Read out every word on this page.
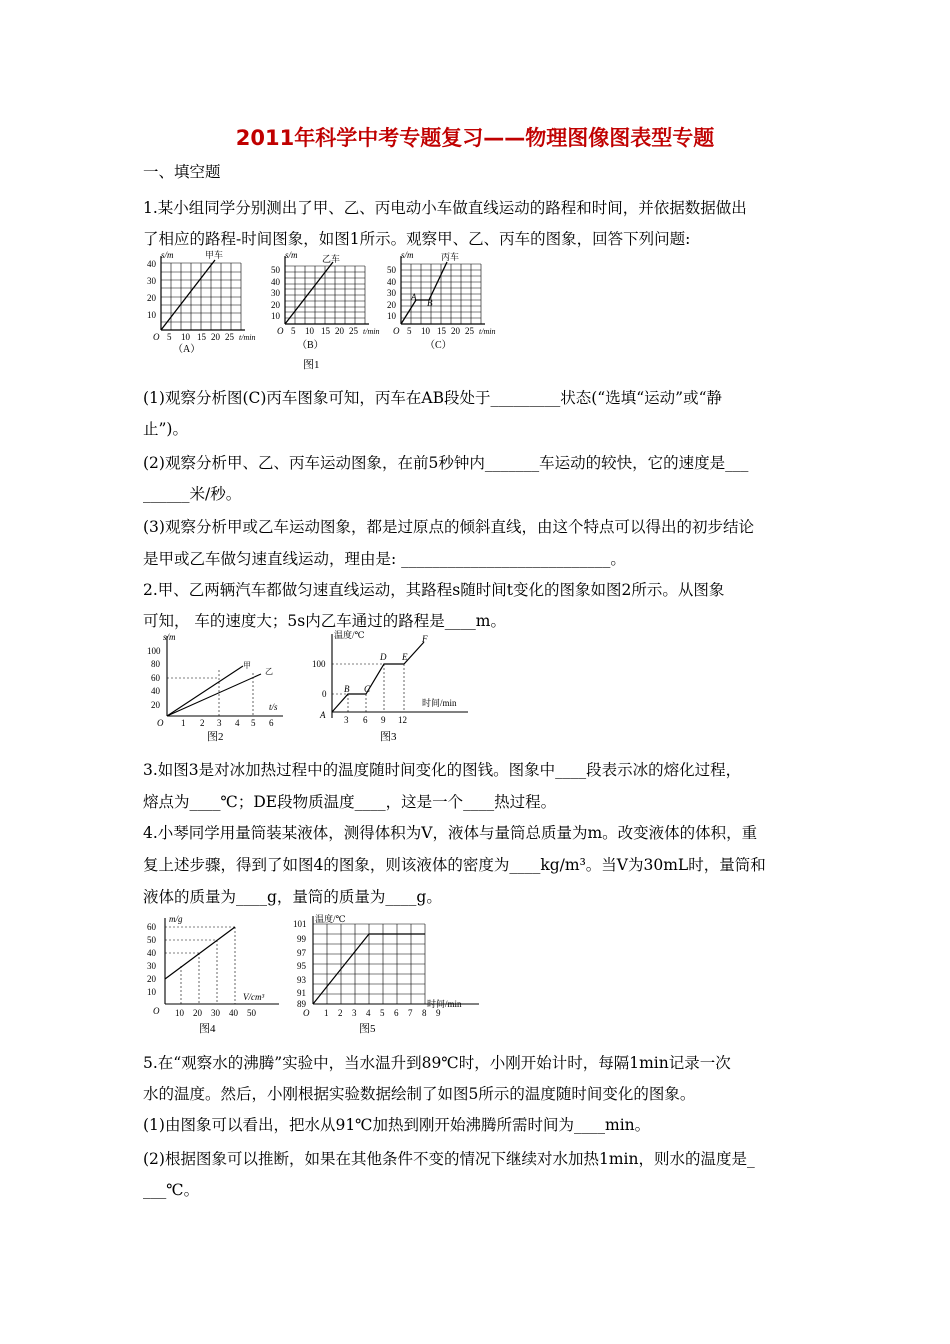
2011年科学中考专题复习——物理图像图表型专题
一、填空题
1.某小组同学分别测出了甲、乙、丙电动小车做直线运动的路程和时间，并依据数据做出
了相应的路程-时间图象，如图1所示。观察甲、乙、丙车的图象，回答下列问题:
s/m	甲车
40
30
20
10
O 5 10 15 20 25 t/min
（A）
s/m	乙车
50
40
30
20
10
O 5 10 15 20 25 t/min
（B）
s/m	丙车
A
B
50
40
30
20
10
O 5 10 15 20 25 t/min
（C）
图1
(1)观察分析图(C)丙车图象可知，丙车在AB段处于_________状态(“选填“运动”或“静
止”)。
(2)观察分析甲、乙、丙车运动图象，在前5秒钟内_______车运动的较快，它的速度是___
______米/秒。
(3)观察分析甲或乙车运动图象，都是过原点的倾斜直线，由这个特点可以得出的初步结论
是甲或乙车做匀速直线运动，理由是: ___________________________。
2.甲、乙两辆汽车都做匀速直线运动，其路程s随时间t变化的图象如图2所示。从图象
可知， 车的速度大；5s内乙车通过的路程是____m。
s/m
甲
乙
100
80
60
40
20
O 1 2 3 4 5 6
t/s
图2
温度/℃
A
B C
D E
F
100
0
3 6 9 12
时间/min
图3
3.如图3是对冰加热过程中的温度随时间变化的图钱。图象中____段表示冰的熔化过程，
熔点为____℃；DE段物质温度____，这是一个____热过程。
4.小琴同学用量筒装某液体，测得体积为V，液体与量筒总质量为m。改变液体的体积，重
复上述步骤，得到了如图4的图象，则该液体的密度为____kg/m³。当V为30mL时，量筒和
液体的质量为____g，量筒的质量为____g。
m/g
60
50
40
30
20
10
O 10 20 30 40 50
V/cm³
图4
温度/℃
101
99
97
95
93
91
89
O 1 2 3 4 5 6 7 8 9
时间/min
图5
5.在“观察水的沸腾”实验中，当水温升到89℃时，小刚开始计时，每隔1min记录一次
水的温度。然后，小刚根据实验数据绘制了如图5所示的温度随时间变化的图象。
(1)由图象可以看出，把水从91℃加热到刚开始沸腾所需时间为____min。
(2)根据图象可以推断，如果在其他条件不变的情况下继续对水加热1min，则水的温度是_
___℃。
